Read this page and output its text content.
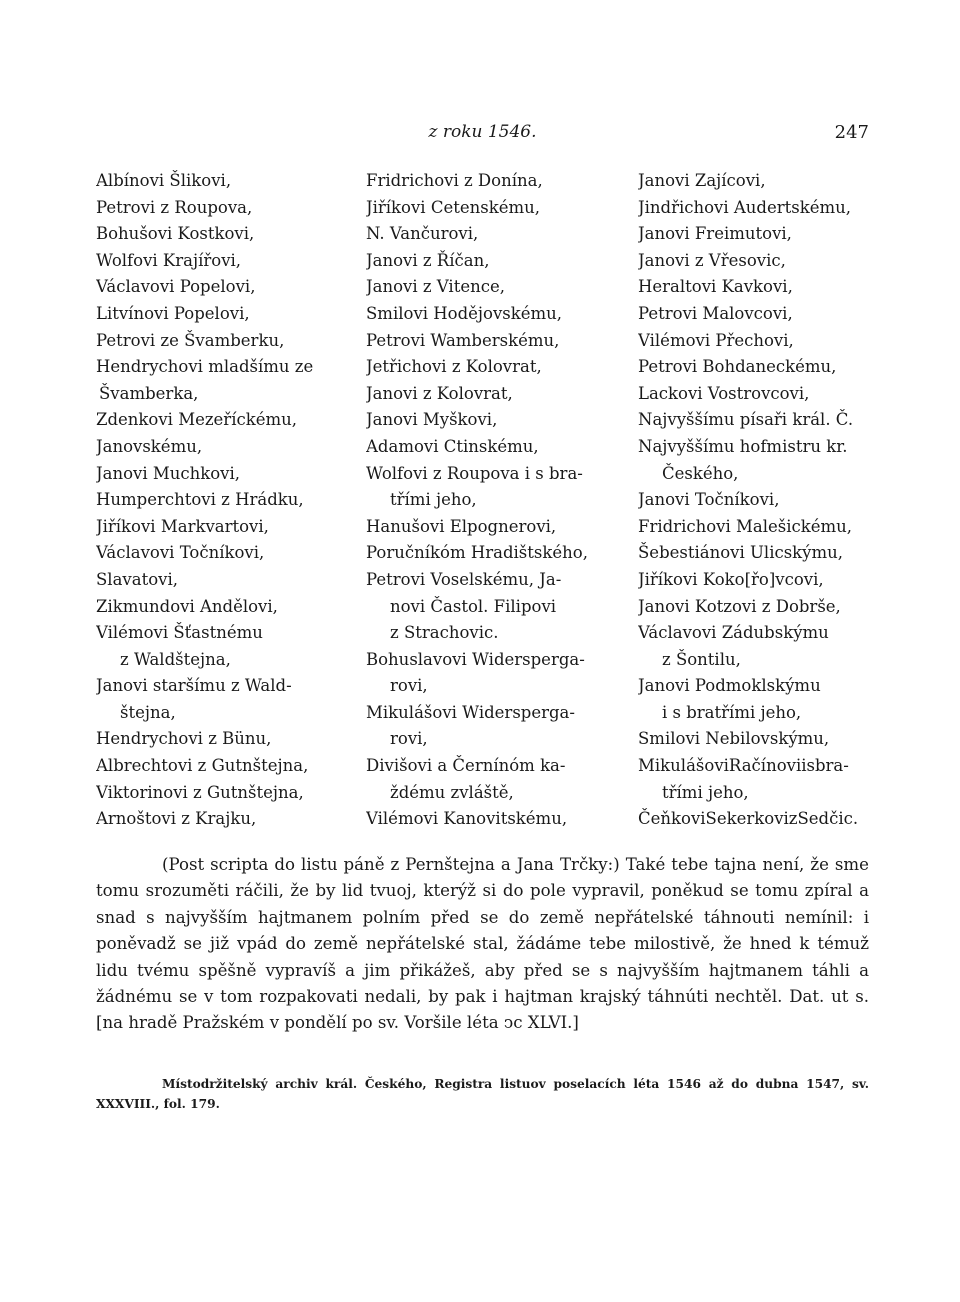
z roku 1546.	247
Albínovi Šlikovi,
Petrovi z Roupova,
Bohušovi Kostkovi,
Wolfovi Krajířovi,
Václavovi Popelovi,
Litvínovi Popelovi,
Petrovi ze Švamberku,
Hendrychovi mladšímu ze
Švamberka,
Zdenkovi Mezeříckému,
Janovskému,
Janovi Muchkovi,
Humperchtovi z Hrádku,
Jiříkovi Markvartovi,
Václavovi Točníkovi,
Slavatovi,
Zikmundovi Andělovi,
Vilémovi Šťastnému
z Waldštejna,
Janovi staršímu z Wald-
štejna,
Hendrychovi z Bünu,
Albrechtovi z Gutnštejna,
Viktorinovi z Gutnštejna,
Arnoštovi z Krajku,
Fridrichovi z Donína,
Jiříkovi Cetenskému,
N. Vančurovi,
Janovi z Říčan,
Janovi z Vitence,
Smilovi Hodějovskému,
Petrovi Wamberskému,
Jetřichovi z Kolovrat,
Janovi z Kolovrat,
Janovi Myškovi,
Adamovi Ctinskému,
Wolfovi z Roupova i s bra-
třími jeho,
Hanušovi Elpognerovi,
Poručníkóm Hradištského,
Petrovi Voselskému, Ja-
novi Častol. Filipovi
z Strachovic.
Bohuslavovi Widersperga-
rovi,
Mikulášovi Widersperga-
rovi,
Divišovi a Černínóm ka-
ždému zvláště,
Vilémovi Kanovitskému,
Janovi Zajícovi,
Jindřichovi Audertskému,
Janovi Freimutovi,
Janovi z Vřesovic,
Heraltovi Kavkovi,
Petrovi Malovcovi,
Vilémovi Přechovi,
Petrovi Bohdaneckému,
Lackovi Vostrovcovi,
Najvyššímu písaři král. Č.
Najvyššímu hofmistru kr.
Českého,
Janovi Točníkovi,
Fridrichovi Malešickému,
Šebestiánovi Ulicskýmu,
Jiříkovi Koko[řo]vcovi,
Janovi Kotzovi z Dobrše,
Václavovi Zádubskýmu
z Šontilu,
Janovi Podmoklskýmu
i s bratřími jeho,
Smilovi Nebilovskýmu,
MikulášoviRačínoviisbra-
třími jeho,
ČeňkoviSekerkovizSedčic.

(Post scripta do listu páně z Pernštejna a Jana Trčky:) Také tebe tajna není, že sme tomu srozuměti ráčili, že by lid tvuoj, kterýž si do pole vypravil, poněkud se tomu zpíral a snad s najvyšším hajtmanem polním před se do země nepřátelské táhnouti nemínil: i poněvadž se již vpád do země nepřátelské stal, žádáme tebe milostivě, že hned k témuž lidu tvému spěšně vypravíš a jim přikážeš, aby před se s najvyšším hajtmanem táhli a žádnému se v tom rozpakovati nedali, by pak i hajtman krajský táhnúti nechtěl. Dat. ut s. [na hradě Pražském v pondělí po sv. Voršile léta ↄc XLVI.]

Místodržitelský archiv král. Českého, Registra listuov poselacích léta 1546 až do dubna 1547, sv. XXXVIII., fol. 179.
